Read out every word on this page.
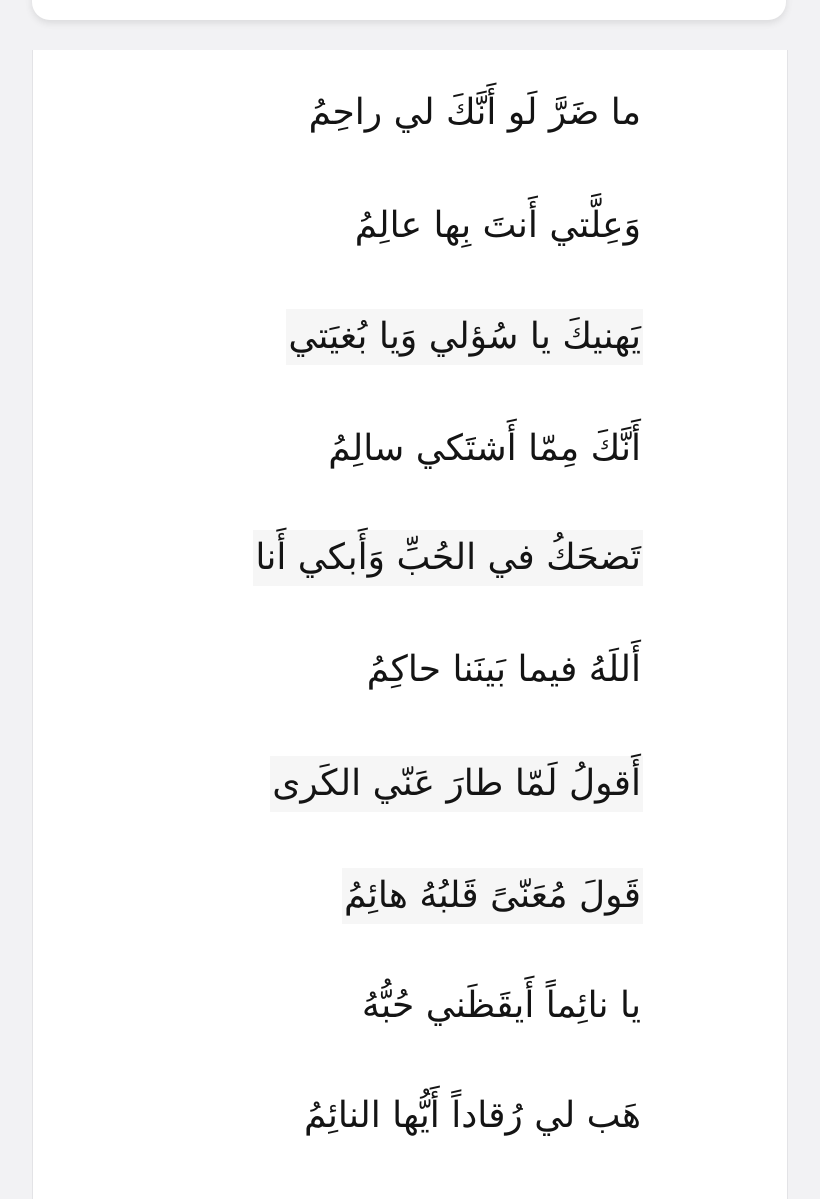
ما ضَرَّ لَو أَنَّكَ لي راحِمُ
وَعِلَّتي أَنتَ بِها عالِمُ
يَهنيكَ يا سُؤلي وَيا بُغيَتي
أَنَّكَ مِمّا أَشتَكي سالِمُ
تَضحَكُ في الحُبِّ وَأَبكي أَنا
أَللَهُ فيما بَينَنا حاكِمُ
أَقولُ لَمّا طارَ عَنّي الكَرى
قَولَ مُعَنّىً قَلبُهُ هائِمُ
يا نائِماً أَيقَظَني حُبُّهُ
هَب لي رُقاداً أَيُّها النائِمُ
